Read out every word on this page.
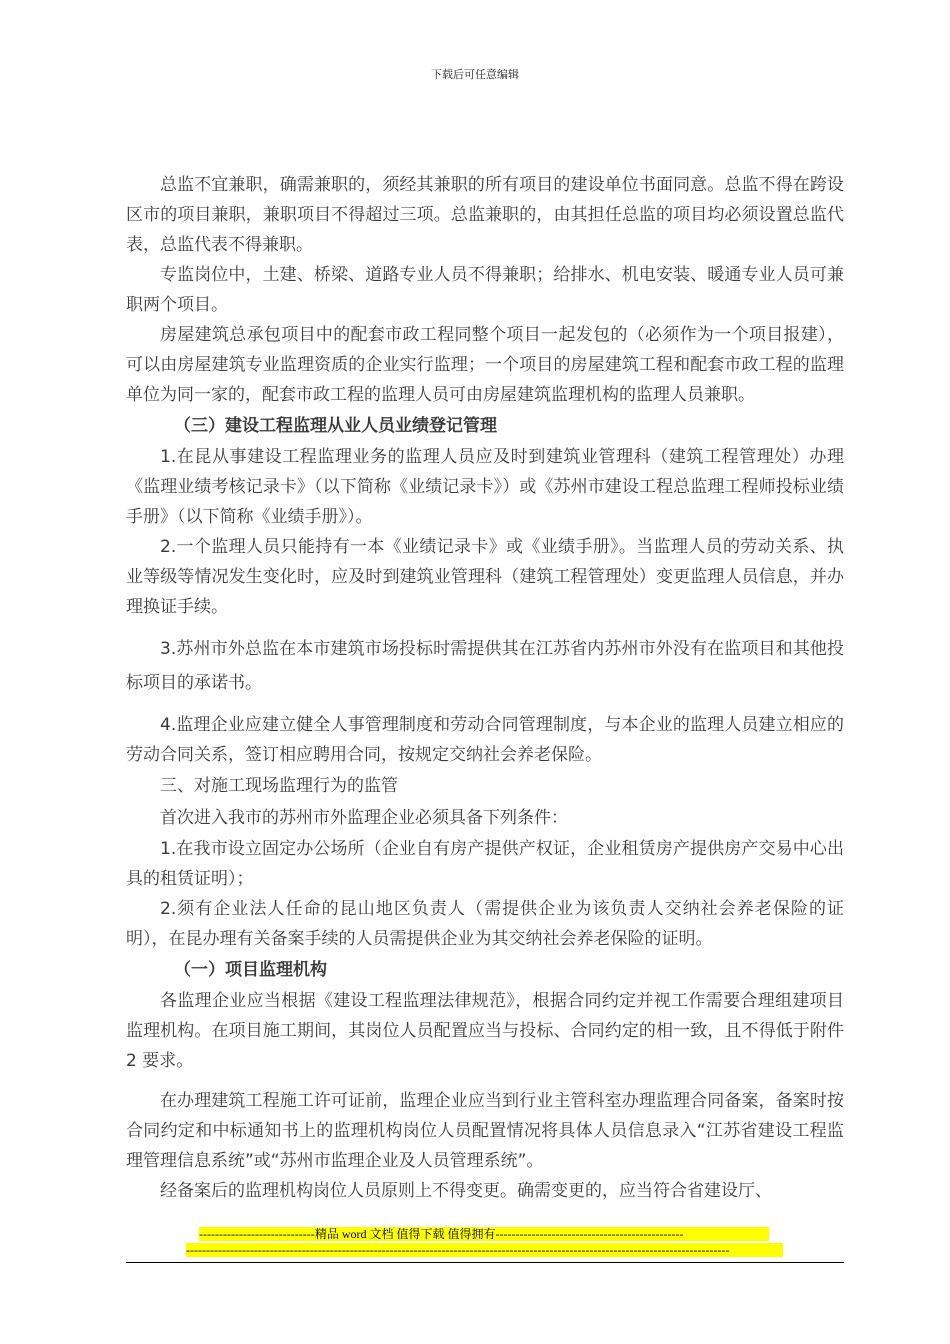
下载后可任意编辑

总监不宜兼职，确需兼职的，须经其兼职的所有项目的建设单位书面同意。总监不得在跨设区市的项目兼职，兼职项目不得超过三项。总监兼职的，由其担任总监的项目均必须设置总监代表，总监代表不得兼职。

专监岗位中，土建、桥梁、道路专业人员不得兼职；给排水、机电安装、暖通专业人员可兼职两个项目。

房屋建筑总承包项目中的配套市政工程同整个项目一起发包的（必须作为一个项目报建），可以由房屋建筑专业监理资质的企业实行监理；一个项目的房屋建筑工程和配套市政工程的监理单位为同一家的，配套市政工程的监理人员可由房屋建筑监理机构的监理人员兼职。

（三）建设工程监理从业人员业绩登记管理

1.在昆从事建设工程监理业务的监理人员应及时到建筑业管理科（建筑工程管理处）办理《监理业绩考核记录卡》（以下简称《业绩记录卡》）或《苏州市建设工程总监理工程师投标业绩手册》（以下简称《业绩手册》）。

2.一个监理人员只能持有一本《业绩记录卡》或《业绩手册》。当监理人员的劳动关系、执业等级等情况发生变化时，应及时到建筑业管理科（建筑工程管理处）变更监理人员信息，并办理换证手续。

3.苏州市外总监在本市建筑市场投标时需提供其在江苏省内苏州市外没有在监项目和其他投标项目的承诺书。

4.监理企业应建立健全人事管理制度和劳动合同管理制度，与本企业的监理人员建立相应的劳动合同关系，签订相应聘用合同，按规定交纳社会养老保险。

三、对施工现场监理行为的监管

首次进入我市的苏州市外监理企业必须具备下列条件：

1.在我市设立固定办公场所（企业自有房产提供产权证，企业租赁房产提供房产交易中心出具的租赁证明）；

2.须有企业法人任命的昆山地区负责人（需提供企业为该负责人交纳社会养老保险的证明），在昆办理有关备案手续的人员需提供企业为其交纳社会养老保险的证明。

（一）项目监理机构

各监理企业应当根据《建设工程监理法律规范》，根据合同约定并视工作需要合理组建项目监理机构。在项目施工期间，其岗位人员配置应当与投标、合同约定的相一致，且不得低于附件 2 要求。

在办理建筑工程施工许可证前，监理企业应当到行业主管科室办理监理合同备案，备案时按合同约定和中标通知书上的监理机构岗位人员配置情况将具体人员信息录入“江苏省建设工程监理管理信息系统”或“苏州市监理企业及人员管理系统”。

经备案后的监理机构岗位人员原则上不得变更。确需变更的，应当符合省建设厅、

-----------------------------精品 word 文档 值得下载 值得拥有-----------------------------------------------
----------------------------------------------------------------------------------------------------------------------------------------
